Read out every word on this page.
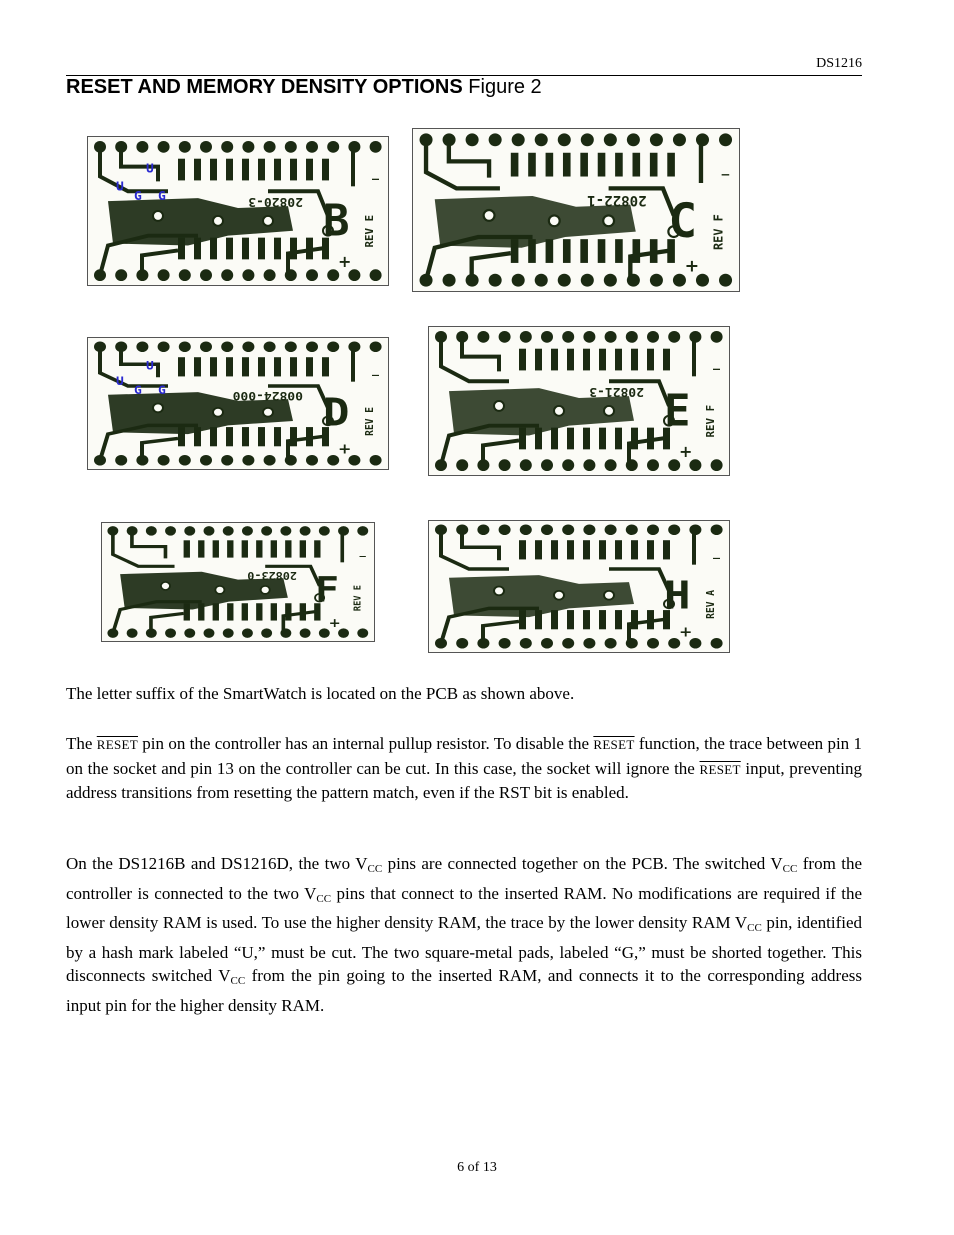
DS1216
RESET AND MEMORY DENSITY OPTIONS Figure 2
B
20820-3
REV E
+
_
U
U
G G	C
20822-1
REV F
+
_
D
00824-000
REV E
+
_
U
U
G G	E
20821-3
REV F
+
_
F
20823-0
REV E
+
_
H REV A
+
_
The letter suffix of the SmartWatch is located on the PCB as shown above.
The RESET pin on the controller has an internal pullup resistor. To disable the RESET function, the trace between pin 1 on the socket and pin 13 on the controller can be cut. In this case, the socket will ignore the RESET input, preventing address transitions from resetting the pattern match, even if the RST bit is enabled.
On the DS1216B and DS1216D, the two $V_{CC}$ pins are connected together on the PCB. The switched $V_{CC}$ from the controller is connected to the two $V_{CC}$ pins that connect to the inserted RAM. No modifications are required if the lower density RAM is used. To use the higher density RAM, the trace by the lower density RAM $V_{CC}$ pin, identified by a hash mark labeled “U,” must be cut. The two square-metal pads, labeled “G,” must be shorted together. This disconnects switched $V_{CC}$ from the pin going to the inserted RAM, and connects it to the corresponding address input pin for the higher density RAM.
6 of 13
